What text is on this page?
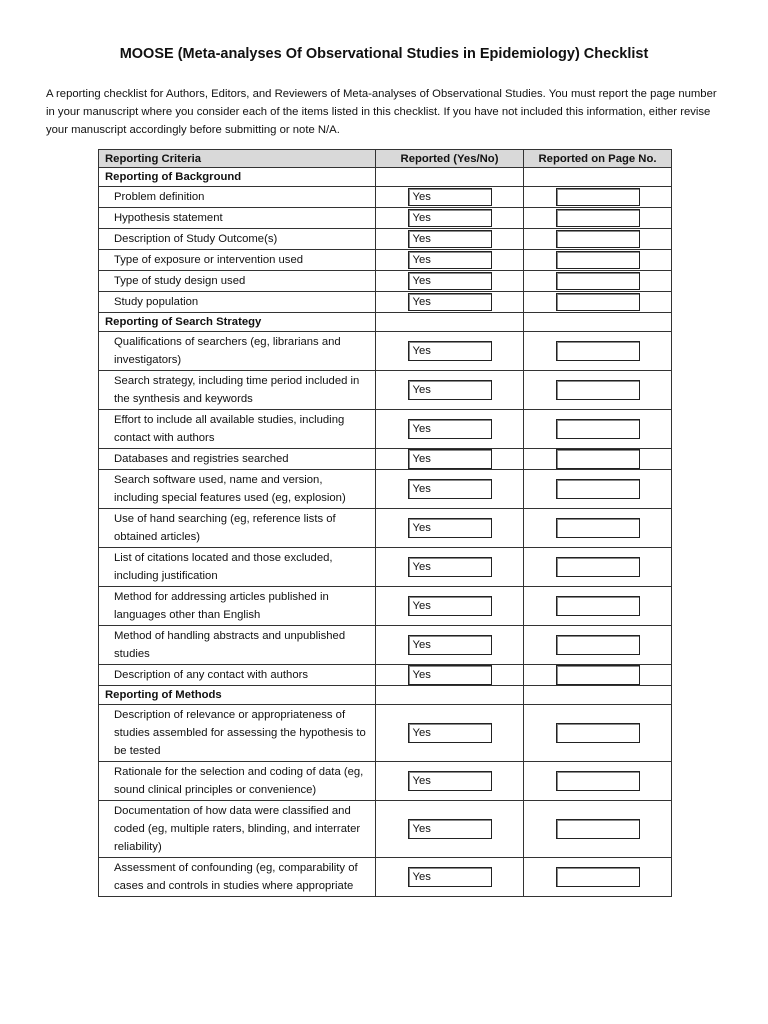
MOOSE (Meta-analyses Of Observational Studies in Epidemiology) Checklist
A reporting checklist for Authors, Editors, and Reviewers of Meta-analyses of Observational Studies. You must report the page number in your manuscript where you consider each of the items listed in this checklist. If you have not included this information, either revise your manuscript accordingly before submitting or note N/A.
Reporting Criteria	Reported (Yes/No)	Reported on Page No.
Reporting of Background		
Problem definition	Yes	

Hypothesis statement	Yes	

Description of Study Outcome(s)	Yes	

Type of exposure or intervention used	Yes	

Type of study design used	Yes	

Study population	Yes	

Reporting of Search Strategy		
Qualifications of searchers (eg, librarians and investigators)	Yes	

Search strategy, including time period included in the synthesis and keywords	Yes	

Effort to include all available studies, including contact with authors	Yes	

Databases and registries searched	Yes	

Search software used, name and version, including special features used (eg, explosion)	Yes	

Use of hand searching (eg, reference lists of obtained articles)	Yes	

List of citations located and those excluded, including justification	Yes	

Method for addressing articles published in languages other than English	Yes	

Method of handling abstracts and unpublished studies	Yes	

Description of any contact with authors	Yes	

Reporting of Methods		
Description of relevance or appropriateness of studies assembled for assessing the hypothesis to be tested	Yes	

Rationale for the selection and coding of data (eg, sound clinical principles or convenience)	Yes	

Documentation of how data were classified and coded (eg, multiple raters, blinding, and interrater reliability)	Yes	

Assessment of confounding (eg, comparability of cases and controls in studies where appropriate	Yes	
